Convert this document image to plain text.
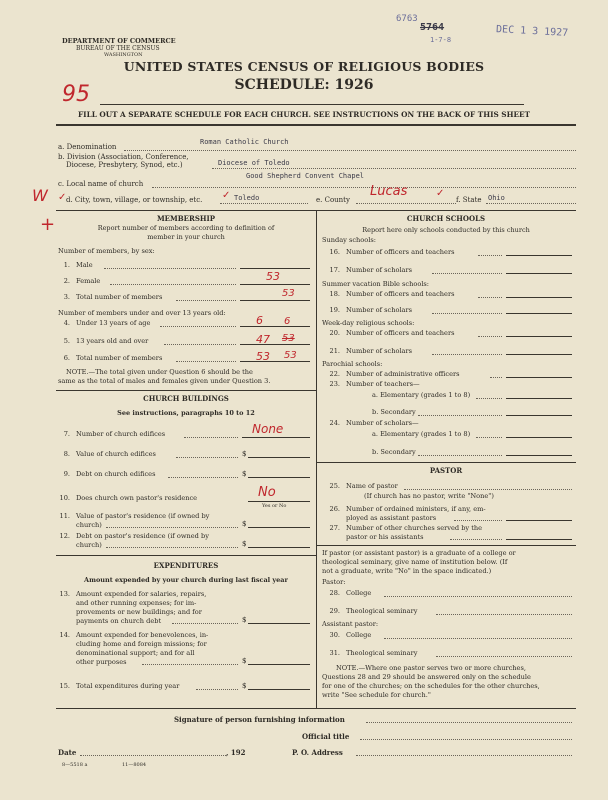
DEPARTMENT OF COMMERCE
BUREAU OF THE CENSUS
WASHINGTON
6763
5764
1-7-8
DEC 1 3 1927
UNITED STATES CENSUS OF RELIGIOUS BODIES
SCHEDULE: 1926
95
FILL OUT A SEPARATE SCHEDULE FOR EACH CHURCH. SEE INSTRUCTIONS ON THE BACK OF THIS SHEET
a. Denomination
Roman Catholic Church
b. Division (Association, Conference,
Diocese, Presbytery, Synod, etc.)	Diocese of Toledo
c. Local name of church
Good Shepherd Convent Chapel
W
+
✓ d. City, town, village, or township, etc. ✓ Toledo	e. County
Lucas	✓
f. State Ohio
MEMBERSHIP
Report number of members according to definition of
member in your church
Number of members, by sex:
1. Male
2. Female	53
3. Total number of members	53
Number of members under and over 13 years old:
4. Under 13 years of age	6 6
5. 13 years old and over	47 53
6. Total number of members	53 53
NOTE.—The total given under Question 6 should be the
same as the total of males and females given under Question 3.
CHURCH BUILDINGS
See instructions, paragraphs 10 to 12
7. Number of church edifices	None
8. Value of church edifices	$
9. Debt on church edifices	$
10. Does church own pastor's residence	No
Yes or No
11. Value of pastor's residence (if owned by
church)	$
12. Debt on pastor's residence (if owned by
church)	$
EXPENDITURES
Amount expended by your church during last fiscal year
13. Amount expended for salaries, repairs,
and other running expenses; for im-
provements or new buildings; and for
payments on church debt	$
14. Amount expended for benevolences, in-
cluding home and foreign missions; for
denominational support; and for all
other purposes	$
15. Total expenditures during year	$
CHURCH SCHOOLS
Report here only schools conducted by this church
Sunday schools:
16. Number of officers and teachers
17. Number of scholars
Summer vacation Bible schools:
18. Number of officers and teachers
19. Number of scholars
Week-day religious schools:
20. Number of officers and teachers
21. Number of scholars
Parochial schools:
22. Number of administrative officers
23. Number of teachers—
a. Elementary (grades 1 to 8)
b. Secondary
24. Number of scholars—
a. Elementary (grades 1 to 8)
b. Secondary
PASTOR
25. Name of pastor
(If church has no pastor, write "None")
26. Number of ordained ministers, if any, em-
ployed as assistant pastors
27. Number of other churches served by the
pastor or his assistants
If pastor (or assistant pastor) is a graduate of a college or
theological seminary, give name of institution below. (If
not a graduate, write "No" in the space indicated.)
Pastor:
28. College
29. Theological seminary
Assistant pastor:
30. College
31. Theological seminary
NOTE.—Where one pastor serves two or more churches,
Questions 28 and 29 should be answered only on the schedule
for one of the churches; on the schedules for the other churches,
write "See schedule for church."
Signature of person furnishing information
Official title
Date	, 192	P. O. Address
8—5518 a	11—8084
